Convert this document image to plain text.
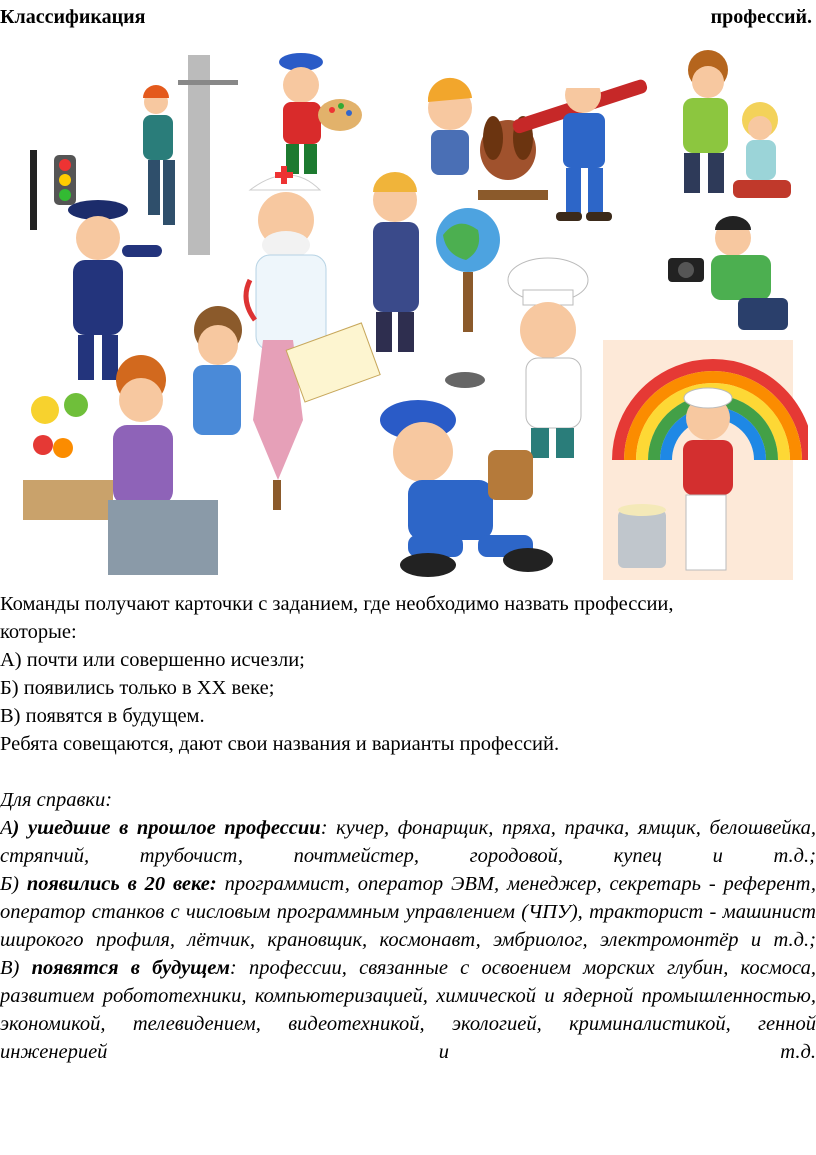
Классификация	профессий.

Команды получают карточки с заданием, где необходимо назвать профессии,

которые:

А) почти или совершенно исчезли;

Б) появились только в XX веке;

В) появятся в будущем.

Ребята совещаются, дают свои названия и варианты профессий.

Для справки:

А) ушедшие в прошлое профессии: кучер, фонарщик, пряха, прачка, ямщик, белошвейка, стряпчий, трубочист, почтмейстер, городовой, купец и т.д.;

Б) появились в 20 веке: программист, оператор ЭВМ, менеджер, секретарь - референт, оператор станков с числовым программным управлением (ЧПУ), тракторист - машинист широкого профиля, лётчик, крановщик, космонавт, эмбриолог, электромонтёр и т.д.;

В) появятся в будущем: профессии, связанные с освоением морских глубин, космоса, развитием робототехники, компьютеризацией, химической и ядерной промышленностью, экономикой, телевидением, видеотехникой, экологией, криминалистикой, генной инженерией и т.д.
